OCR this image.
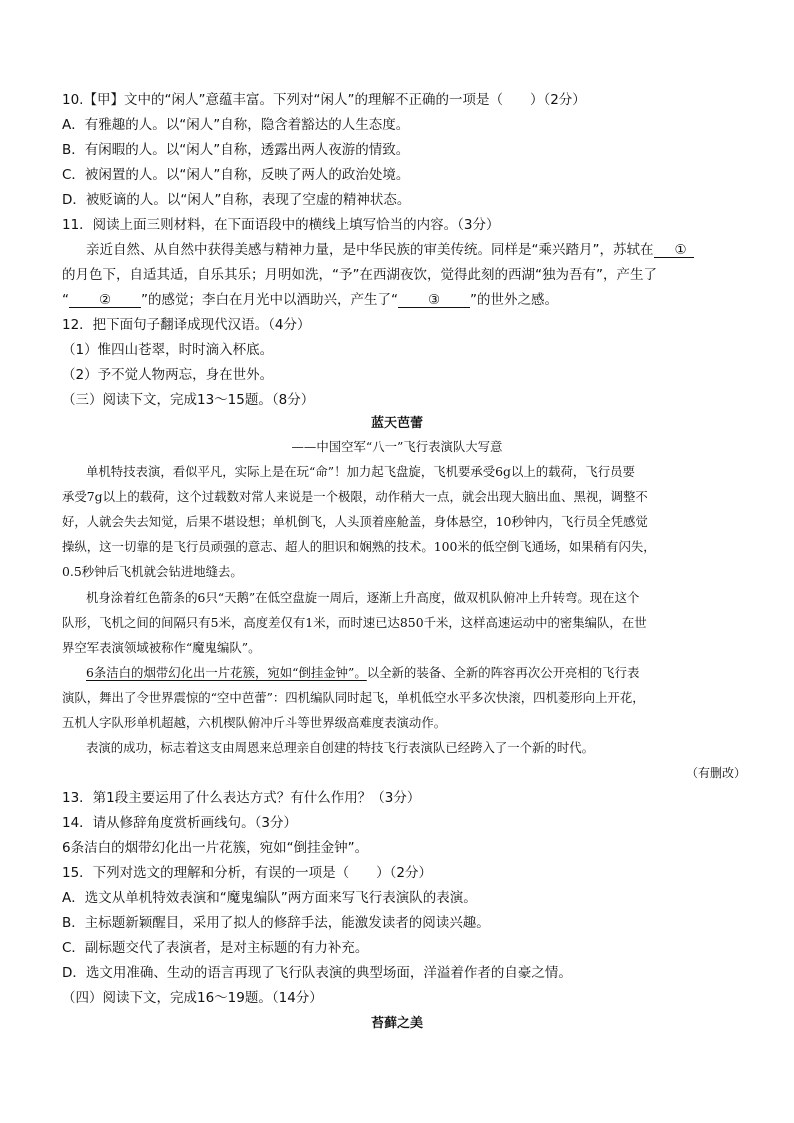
10.【甲】文中的“闲人”意蕴丰富。下列对“闲人”的理解不正确的一项是（　　）（2分）
A．有雅趣的人。以“闲人”自称，隐含着豁达的人生态度。
B．有闲暇的人。以“闲人”自称，透露出两人夜游的情致。
C．被闲置的人。以“闲人”自称，反映了两人的政治处境。
D．被贬谪的人。以“闲人”自称，表现了空虚的精神状态。
11．阅读上面三则材料，在下面语段中的横线上填写恰当的内容。（3分）
亲近自然、从自然中获得美感与精神力量，是中华民族的审美传统。同样是“乘兴踏月”，苏轼在 ①
的月色下，自适其适，自乐其乐；月明如洗，“予”在西湖夜饮，觉得此刻的西湖“独为吾有”，产生了
“ ② ”的感觉；李白在月光中以酒助兴，产生了“ ③ ”的世外之感。
12．把下面句子翻译成现代汉语。（4分）
（1）惟四山苍翠，时时滴入杯底。
（2）予不觉人物两忘，身在世外。
（三）阅读下文，完成13～15题。（8分）
蓝天芭蕾
——中国空军“八一”飞行表演队大写意
单机特技表演，看似平凡，实际上是在玩“命”！加力起飞盘旋，飞机要承受6g以上的载荷，飞行员要
承受7g以上的载荷，这个过载数对常人来说是一个极限，动作稍大一点，就会出现大脑出血、黑视，调整不
好，人就会失去知觉，后果不堪设想；单机倒飞，人头顶着座舱盖，身体悬空，10秒钟内，飞行员全凭感觉
操纵，这一切靠的是飞行员顽强的意志、超人的胆识和娴熟的技术。100米的低空倒飞通场，如果稍有闪失，
0.5秒钟后飞机就会钻进地缝去。
机身涂着红色箭条的6只“天鹅”在低空盘旋一周后，逐渐上升高度，做双机队俯冲上升转弯。现在这个
队形，飞机之间的间隔只有5米，高度差仅有1米，而时速已达850千米，这样高速运动中的密集编队，在世
界空军表演领域被称作“魔鬼编队”。
6条洁白的烟带幻化出一片花簇，宛如“倒挂金钟”。以全新的装备、全新的阵容再次公开亮相的飞行表
演队，舞出了令世界震惊的“空中芭蕾”：四机编队同时起飞，单机低空水平多次快滚，四机菱形向上开花，
五机人字队形单机超越，六机楔队俯冲斤斗等世界级高难度表演动作。
表演的成功，标志着这支由周恩来总理亲自创建的特技飞行表演队已经跨入了一个新的时代。
（有删改）
13．第1段主要运用了什么表达方式？有什么作用？（3分）
14．请从修辞角度赏析画线句。（3分）
6条洁白的烟带幻化出一片花簇，宛如“倒挂金钟”。
15．下列对选文的理解和分析，有误的一项是（　　）（2分）
A．选文从单机特效表演和“魔鬼编队”两方面来写飞行表演队的表演。
B．主标题新颖醒目，采用了拟人的修辞手法，能激发读者的阅读兴趣。
C．副标题交代了表演者，是对主标题的有力补充。
D．选文用准确、生动的语言再现了飞行队表演的典型场面，洋溢着作者的自豪之情。
（四）阅读下文，完成16～19题。（14分）
苔藓之美
